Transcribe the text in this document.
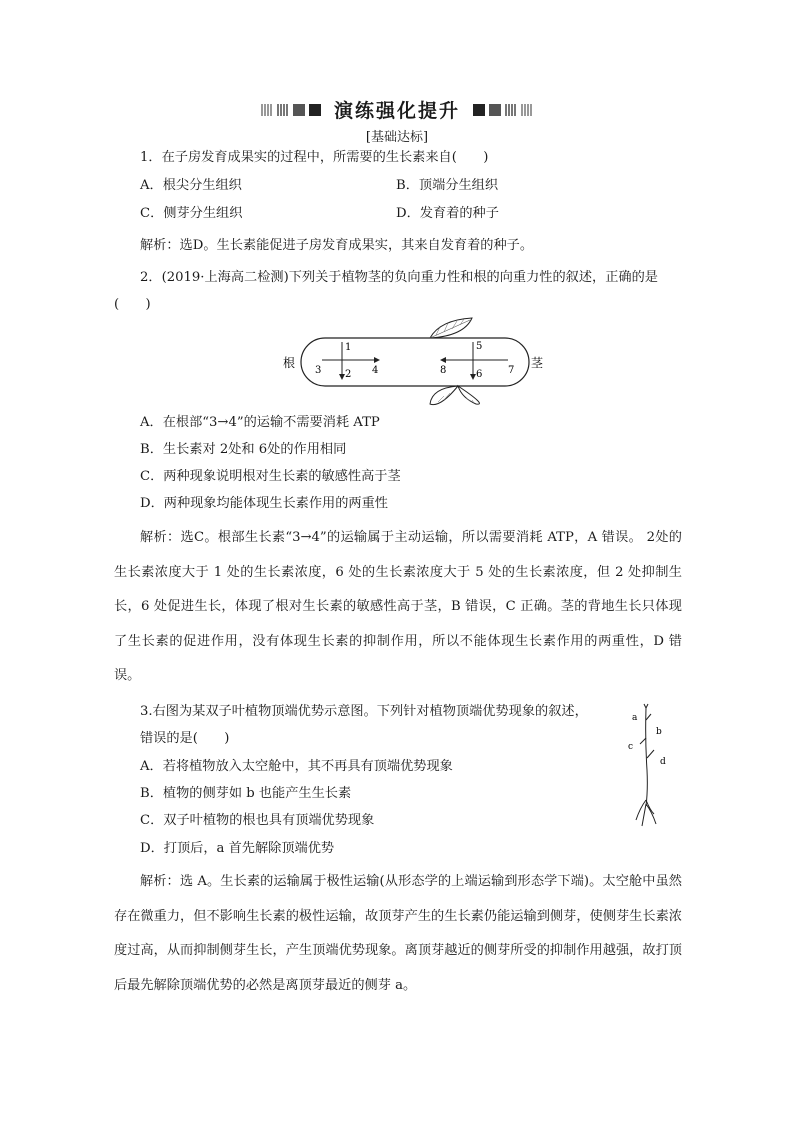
演练强化提升
[基础达标]
1．在子房发育成果实的过程中，所需要的生长素来自(　　)
A．根尖分生组织	B．顶端分生组织
C．侧芽分生组织	D．发育着的种子
解析：选D。生长素能促进子房发育成果实，其来自发育着的种子。
2．(2019·上海高二检测)下列关于植物茎的负向重力性和根的向重力性的叙述，正确的是
(　　)
根	茎
1
2
3	4
5
6	7
8
A．在根部“3→4”的运输不需要消耗 ATP
B．生长素对 2处和 6处的作用相同
C．两种现象说明根对生长素的敏感性高于茎
D．两种现象均能体现生长素作用的两重性
解析：选C。根部生长素“3→4”的运输属于主动运输，所以需要消耗 ATP，A 错误。 2处的生长素浓度大于 1 处的生长素浓度，6 处的生长素浓度大于 5 处的生长素浓度，但 2 处抑制生长，6 处促进生长，体现了根对生长素的敏感性高于茎，B 错误，C 正确。茎的背地生长只体现了生长素的促进作用，没有体现生长素的抑制作用，所以不能体现生长素作用的两重性，D 错误。
3.右图为某双子叶植物顶端优势示意图。下列针对植物顶端优势现象的叙述，
错误的是(　　)
A．若将植物放入太空舱中，其不再具有顶端优势现象
B．植物的侧芽如 b 也能产生生长素
C．双子叶植物的根也具有顶端优势现象
D．打顶后，a 首先解除顶端优势
a
b
c
d
解析：选 A。生长素的运输属于极性运输(从形态学的上端运输到形态学下端)。太空舱中虽然存在微重力，但不影响生长素的极性运输，故顶芽产生的生长素仍能运输到侧芽，使侧芽生长素浓度过高，从而抑制侧芽生长，产生顶端优势现象。离顶芽越近的侧芽所受的抑制作用越强，故打顶后最先解除顶端优势的必然是离顶芽最近的侧芽 a。
